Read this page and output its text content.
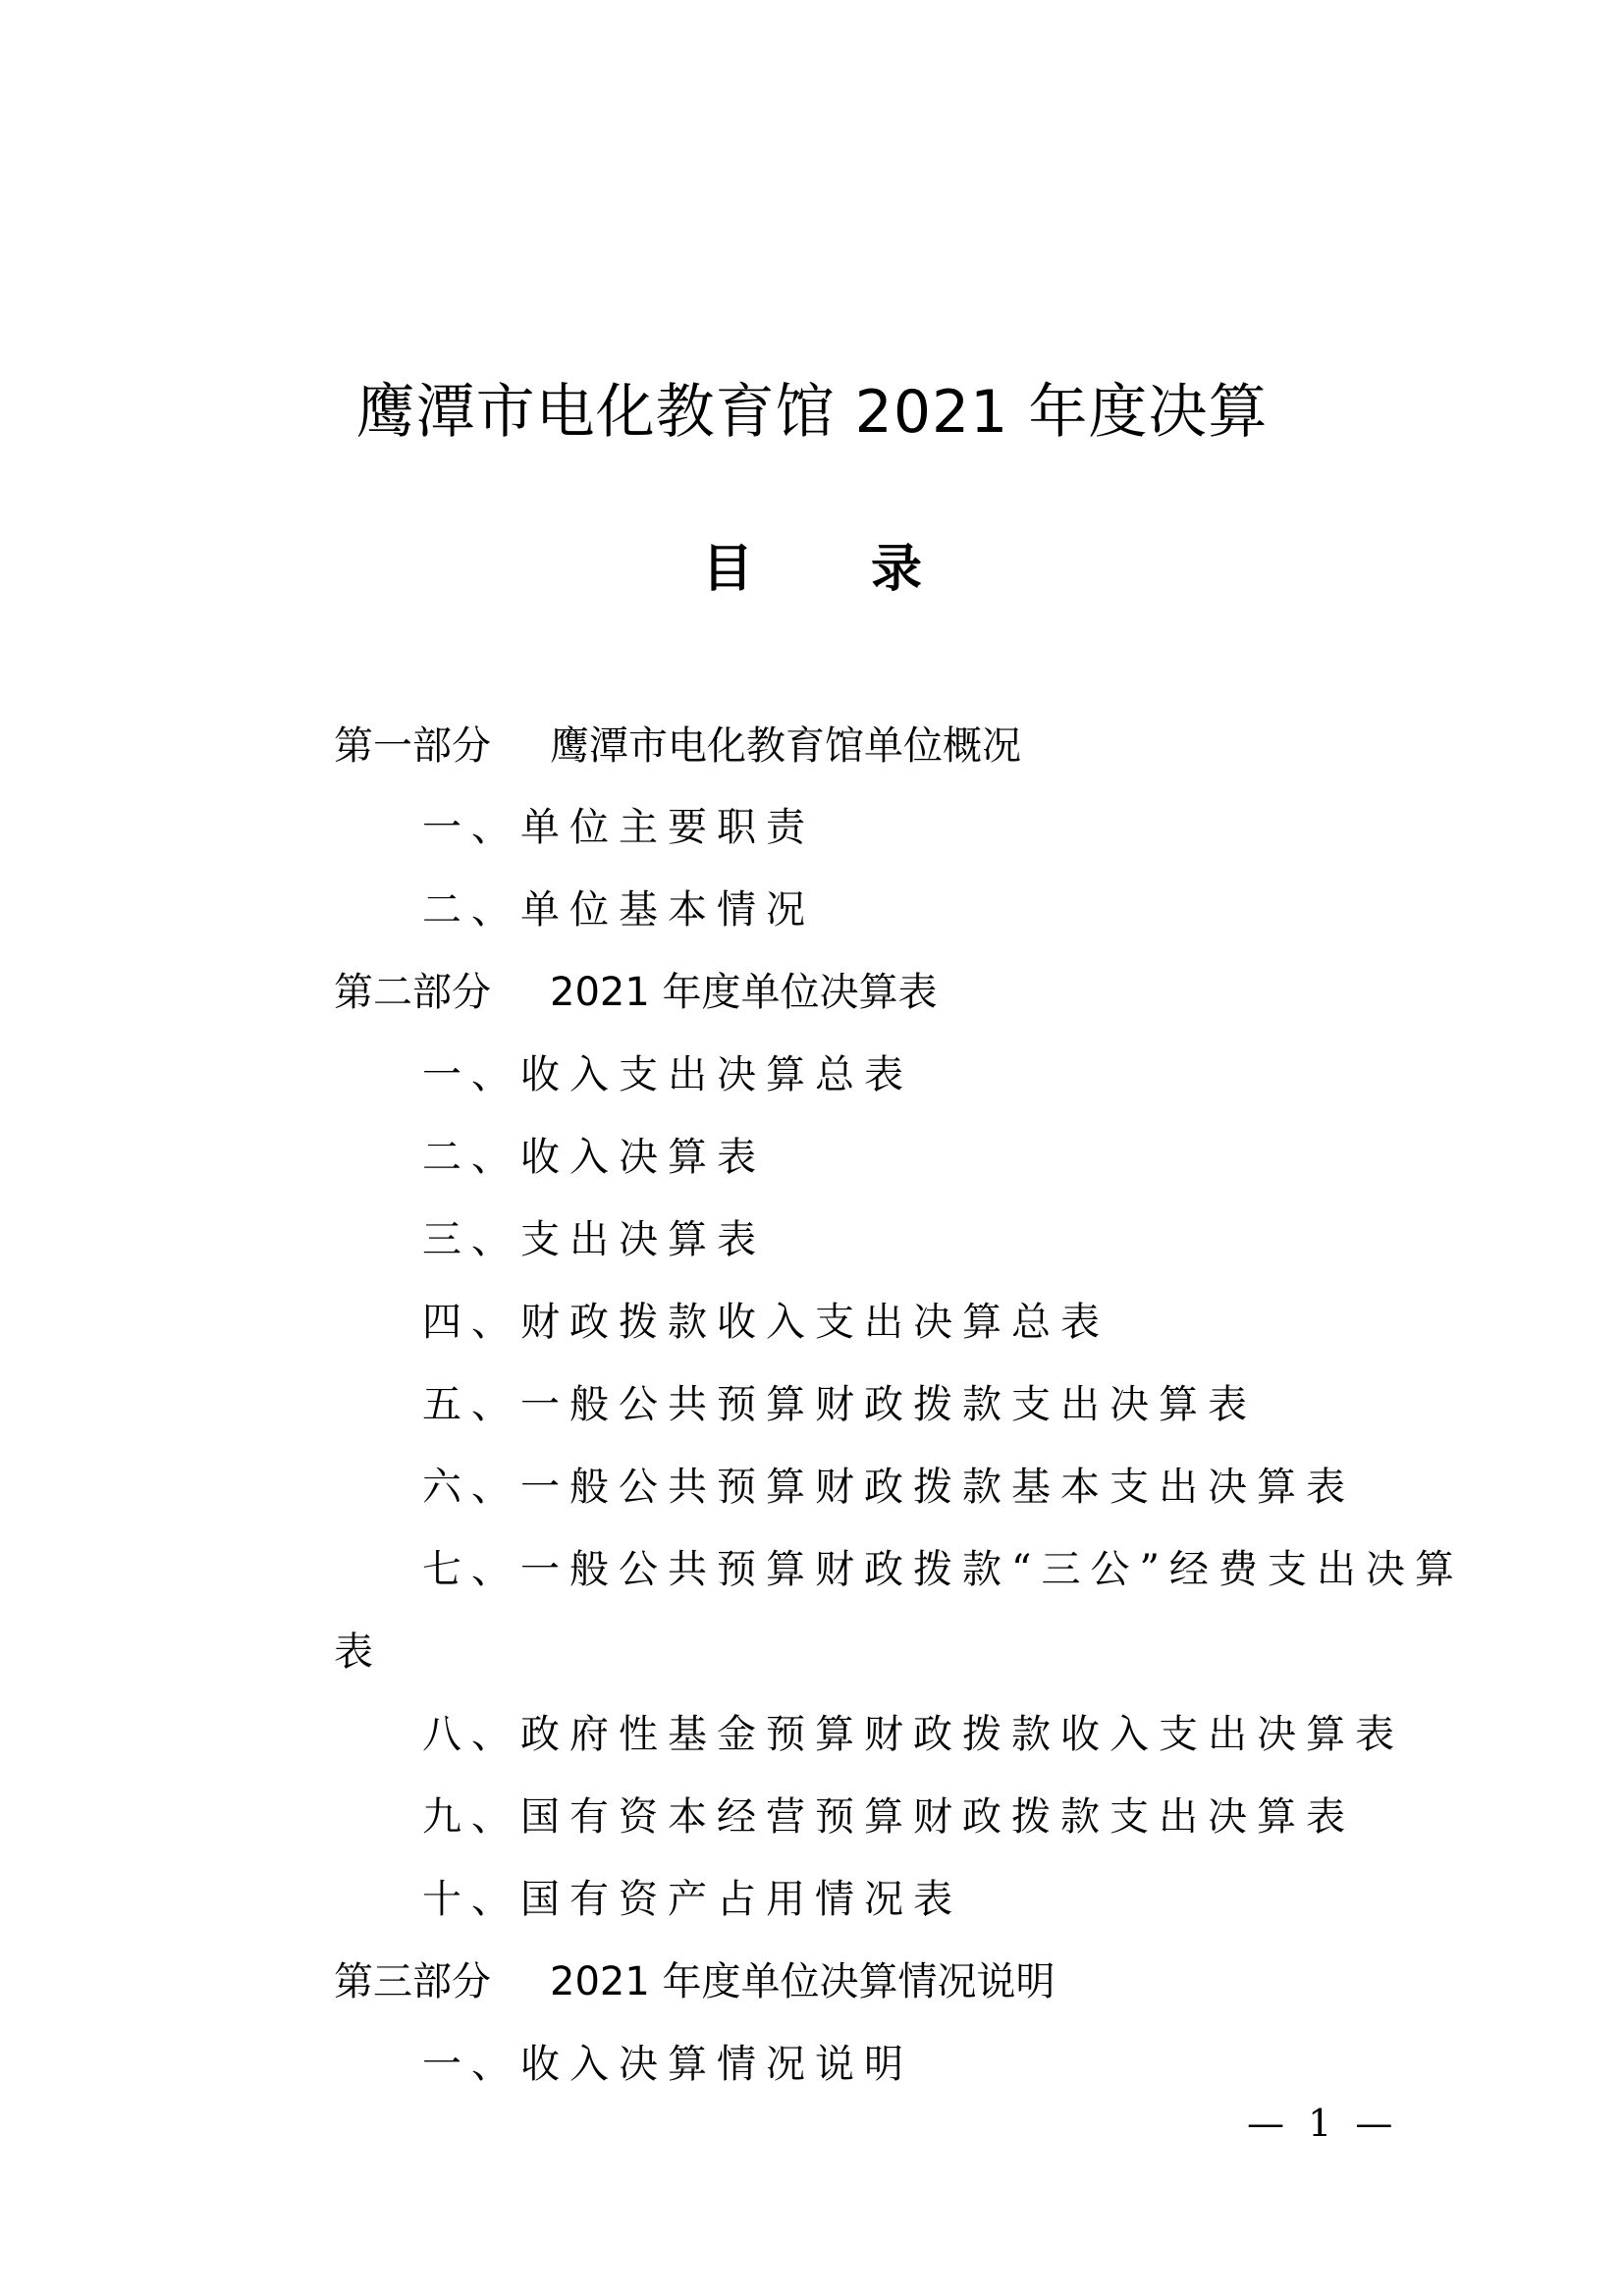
鹰潭市电化教育馆 2021 年度决算
目录
第一部分 鹰潭市电化教育馆单位概况
一、单位主要职责
二、单位基本情况
第二部分 2021 年度单位决算表
一、收入支出决算总表
二、收入决算表
三、支出决算表
四、财政拨款收入支出决算总表
五、一般公共预算财政拨款支出决算表
六、一般公共预算财政拨款基本支出决算表
七、一般公共预算财政拨款“三公”经费支出决算
表
八、政府性基金预算财政拨款收入支出决算表
九、国有资本经营预算财政拨款支出决算表
十、国有资产占用情况表
第三部分 2021 年度单位决算情况说明
一、收入决算情况说明
— 1 —
